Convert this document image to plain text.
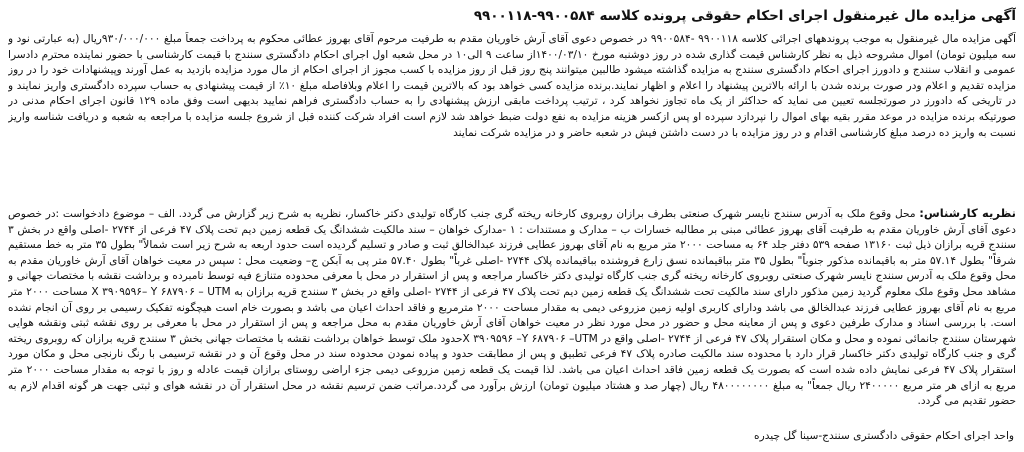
آگهی مزایده مال غیرمنقول اجرای احکام حقوقی پرونده کلاسه ۹۹۰۰۵۸۴-۹۹۰۰۱۱۸

آگهی مزایده مال غیرمنقول به موجب پروندههای اجرائی کلاسه ۹۹۰۰۱۱۸ -۹۹۰۰۵۸۴ در خصوص دعوی آقای آرش خاوریان مقدم به طرفیت مرحوم آقای بهروز عطائی محکوم به پرداخت جمعاً مبلغ ۹۳۰/۰۰۰/۰۰۰ریال (به عبارتی نود و سه میلیون تومان) اموال مشروحه ذیل به نظر کارشناس قیمت گذاری شده در روز دوشنبه مورخ ۱۴۰۰/۰۳/۱۰از ساعت ۹ الی۱۰ در محل شعبه اول اجرای احکام دادگستری سنندج با قیمت کارشناسی با حضور نماینده محترم دادسرا عمومی و انقلاب سنندج و دادورز اجرای احکام دادگستری سنندج به مزایده گذاشته میشود طالبین میتوانند پنج روز قبل از روز مزایده با کسب مجوز از اجرای احکام از مال مورد مزایده بازدید به عمل آورند وپیشنهادات خود را در روز مزایده تقدیم و اعلام ودر صورت برنده شدن با ارائه بالاترین پیشنهاد را اعلام و اظهار نمایند.برنده مزایده کسی خواهد بود که بالاترین قیمت را اعلام وبلافاصله مبلغ ۱۰٪ از قیمت پیشنهادی به حساب سپرده دادگستری واریز نمایند و در تاریخی که دادورز در صورتجلسه تعیین می نماید که حداکثر از یک ماه تجاوز نخواهد کرد ، ترتیب پرداخت مابقی ارزش پیشنهادی را به حساب دادگستری فراهم نمایید بدیهی است وفق ماده ۱۲۹ قانون اجرای احکام مدنی در صورتیکه برنده مزایده در موعد مقرر بقیه بهای اموال را نپردازد سپرده او پس ازکسر هزینه مزایده به نفع دولت ضبط خواهد شد لازم است افراد شرکت کننده قبل از شروع جلسه مزایده با مراجعه به شعبه و دریافت شناسه واریز نسبت به واریز ده درصد مبلغ کارشناسی اقدام و در روز مزایده با در دست داشتن فیش در شعبه حاضر و در مزایده شرکت نمایند

نظریه کارشناس: محل وقوع ملک به آدرس سنندج نایسر شهرک صنعتی بطرف برازان روبروی کارخانه ریخته گری جنب کارگاه تولیدی دکتر خاکسار، نظریه به شرح زیر گزارش می گردد. الف – موضوع دادخواست :در خصوص دعوی آقای آرش خاوریان مقدم به طرفیت آقای بهروز عطائی مبنی بر مطالبه خسارات ب – مدارک و مستندات : ۱ -مدارک خواهان – سند مالکیت ششدانگ یک قطعه زمین دیم تحت پلاک ۴۷ فرعی از ۲۷۴۴ -اصلی واقع در بخش ۳ سنندج قریه برازان ذیل ثبت ۱۳۱۶۰ صفحه ۵۳۹ دفتر جلد ۶۴ به مساحت ۲۰۰۰ متر مربع به نام آقای بهروز عطایی فرزند عبدالخالق ثبت و صادر و تسلیم گردیده است حدود اربعه به شرح زیر است شمالاً" بطول ۳۵ متر به خط مستقیم شرقاً" بطول ۵۷.۱۴ متر به باقیمانده مذکور جنوباً" بطول ۳۵ متر بباقیمانده نسق زارع فروشنده بباقیمانده پلاک ۲۷۴۴ -اصلی غرباً" بطول ۵۷.۴۰ متر پی به آبکن ج– وضعیت محل : سپس در معیت خواهان آقای آرش خاوریان مقدم به محل وقوع ملک به آدرس سنندج نایسر شهرک صنعتی روبروی کارخانه ریخته گری جنب کارگاه تولیدی دکتر خاکسار مراجعه و پس از استقرار در محل با معرفی محدوده متنازع فیه توسط نامبرده و برداشت نقشه با مختصات جهانی و مشاهد محل وقوع ملک معلوم گردید زمین مذکور دارای سند مالکیت تحت ششدانگ یک قطعه زمین دیم تحت پلاک ۴۷ فرعی از ۲۷۴۴ -اصلی واقع در بخش ۳ سنندج قریه برازان به X ۳۹۰۹۵۹۶– Y ۶۸۷۹۰۶ – UTM مساحت ۲۰۰۰ متر مربع به نام آقای بهروز عطایی فرزند عبدالخالق می باشد ودارای کاربری اولیه زمین مزروعی دیمی به مقدار مساحت ۲۰۰۰ مترمربع و فاقد احداث اعیان می باشد و بصورت خام است هیچگونه تفکیک رسیمی بر روی آن انجام نشده است. با بررسی اسناد و مدارک طرفین دعوی و پس از معاینه محل و حضور در محل مورد نظر در معیت خواهان آقای آرش خاوریان مقدم به محل مراجعه و پس از استقرار در محل با معرفی بر روی نقشه ثبتی ونقشه هوایی شهرستان سنندج جانمائی نموده و محل و مکان استقرار پلاک ۴۷ فرعی از ۲۷۴۴ -اصلی واقع در X ۳۹۰۹۵۹۶ –Y ۶۸۷۹۰۶ –UTMحدود ملک توسط خواهان برداشت نقشه با مختصات جهانی بخش ۳ سنندج قریه برازان که روبروی ریخته گری و جنب کارگاه تولیدی دکتر خاکسار قرار دارد با محدوده سند مالکیت صادره پلاک ۴۷ فرعی تطبیق و پس از مطابقت حدود و پیاده نمودن محدوده سند در محل وقوع آن و در نقشه ترسیمی با رنگ نارنجی محل و مکان مورد استقرار پلاک ۴۷ فرعی نمایش داده شده است که بصورت یک قطعه زمین فاقد احداث اعیان می باشد. لذا قیمت یک قطعه زمین مزروعی دیمی جزء اراضی روستای برازان قیمت عادله و روز با توجه به مقدار مساحت ۲۰۰۰ متر مربع به ازای هر متر مربع ۲۴۰۰۰۰۰ ریال جمعاً" به مبلغ ۴۸۰۰۰۰۰۰۰۰ ریال (چهار صد و هشتاد میلیون تومان) ارزش برآورد می گردد.مراتب ضمن ترسیم نقشه در محل استقرار آن در نقشه هوای و ثبتی جهت هر گونه اقدام لازم به حضور تقدیم می گردد.

واحد اجرای احکام حقوقی دادگستری سنندج-سینا گل چیدره
